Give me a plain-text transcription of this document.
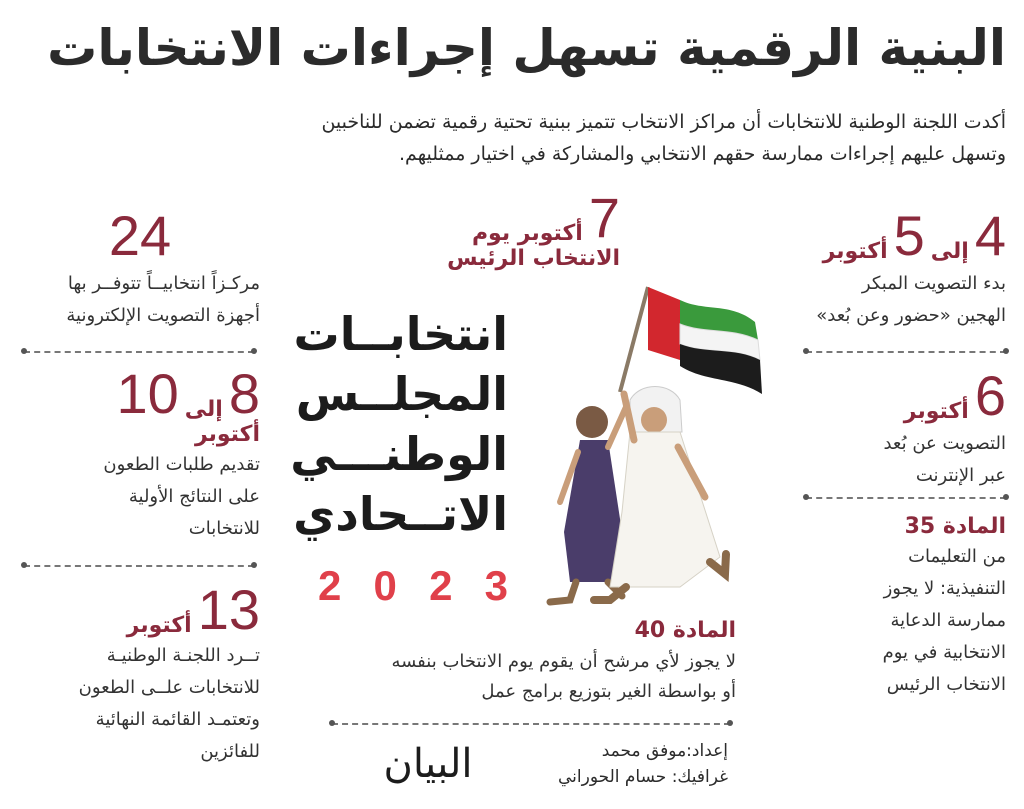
البنية الرقمية تسهل إجراءات الانتخابات
أكدت اللجنة الوطنية للانتخابات أن مراكز الانتخاب تتميز ببنية تحتية رقمية تضمن للناخبين
وتسهل عليهم إجراءات ممارسة حقهم الانتخابي والمشاركة في اختيار ممثليهم.
4
إلى
5
أكتوبر
بدء التصويت المبكر
الهجين «حضور وعن بُعد»
6
أكتوبر
التصويت عن بُعد
عبر الإنترنت
المادة 35
من التعليمات
التنفيذية: لا يجوز
ممارسة الدعاية
الانتخابية في يوم
الانتخاب الرئيس
7
أكتوبر يوم
الانتخاب الرئيس
انتخابــات
المجلــس
الوطنـــي
الاتــحادي
2 0 2 3
المادة 40
لا يجوز لأي مرشح أن يقوم يوم الانتخاب بنفسه
أو بواسطة الغير بتوزيع برامج عمل
إعداد:موفق محمد
غرافيك: حسام الحوراني
البيان
24
مركـزاً انتخابيــاً تتوفــر بها
أجهزة التصويت الإلكترونية
8
إلى
10
أكتوبر
تقديم طلبات الطعون
على النتائج الأولية
للانتخابات
13
أكتوبر
تــرد اللجنـة الوطنيـة
للانتخابات علــى الطعون
وتعتمـد القائمة النهائية
للفائزين
